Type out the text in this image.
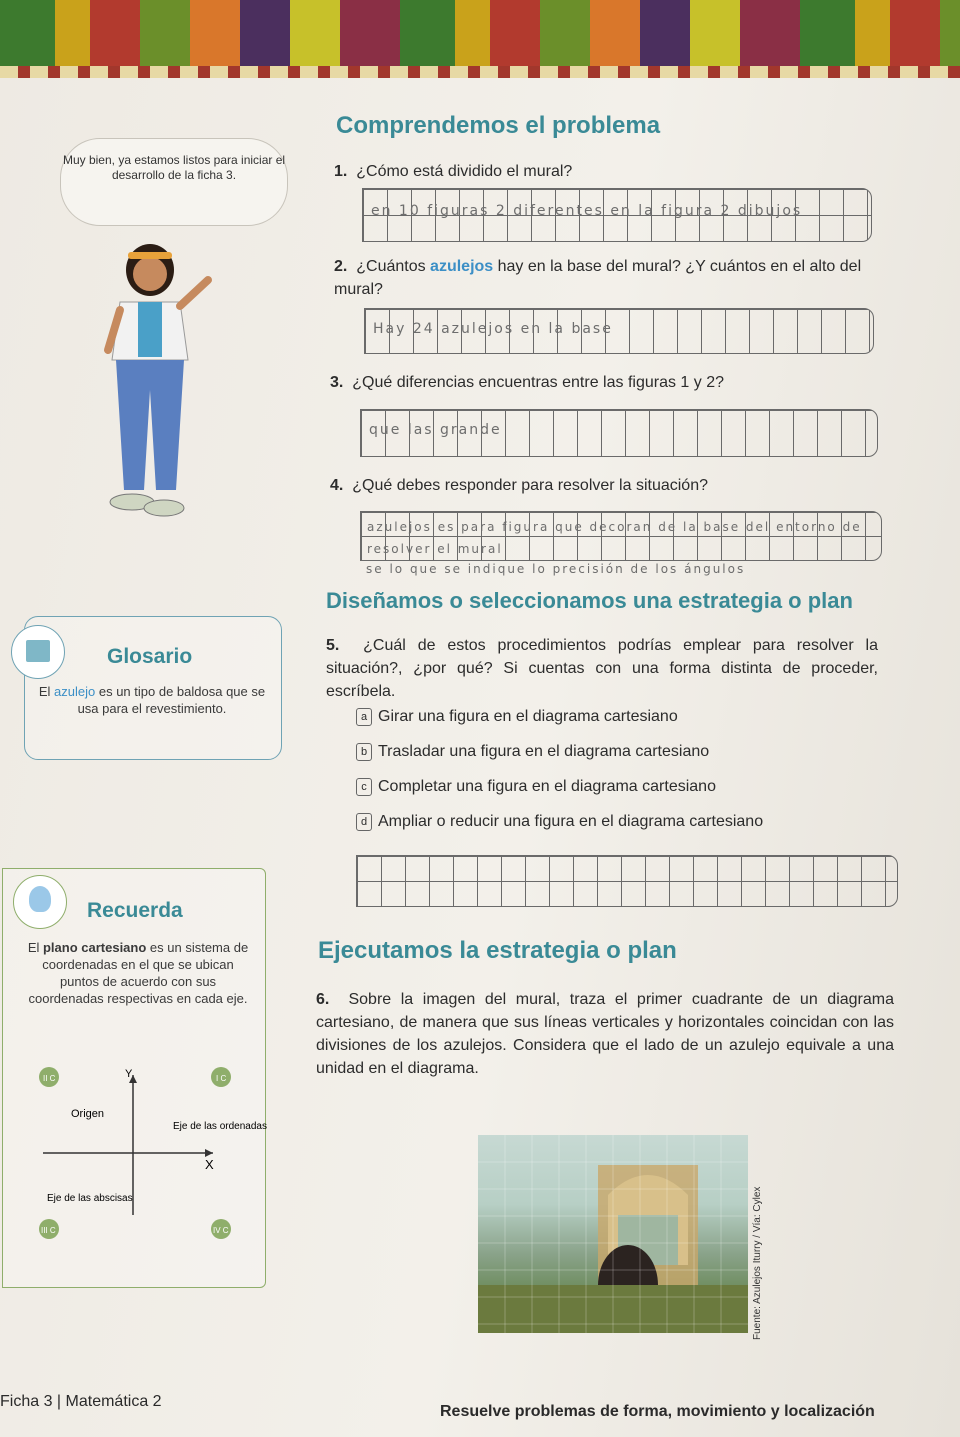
Muy bien, ya estamos listos para iniciar el desarrollo de la ficha 3.
Comprendemos el problema
1. ¿Cómo está dividido el mural?
en 10 figuras 2 diferentes en la figura 2 dibujos
2. ¿Cuántos azulejos hay en la base del mural? ¿Y cuántos en el alto del mural?
Hay 24 azulejos en la base
3. ¿Qué diferencias encuentras entre las figuras 1 y 2?
que las grande
4. ¿Qué debes responder para resolver la situación?
azulejos es para figura que decoran de la base del entorno de resolver el mural
se lo que se indique lo precisión de los ángulos
Diseñamos o seleccionamos una estrategia o plan
5. ¿Cuál de estos procedimientos podrías emplear para resolver la situación?, ¿por qué? Si cuentas con una forma distinta de proceder, escríbela.
a Girar una figura en el diagrama cartesiano
b Trasladar una figura en el diagrama cartesiano
c Completar una figura en el diagrama cartesiano
d Ampliar o reducir una figura en el diagrama cartesiano
Glosario
El azulejo es un tipo de baldosa que se usa para el revestimiento.
Recuerda
El plano cartesiano es un sistema de coordenadas en el que se ubican puntos de acuerdo con sus coordenadas respectivas en cada eje.
II C	I C
III C	IV C
Y
X
Origen
Eje de las ordenadas
Eje de las abscisas
Ejecutamos la estrategia o plan
6. Sobre la imagen del mural, traza el primer cuadrante de un diagrama cartesiano, de manera que sus líneas verticales y horizontales coincidan con las divisiones de los azulejos. Considera que el lado de un azulejo equivale a una unidad en el diagrama.
Fuente: Azulejos Iturry / Vía: Cylex
Ficha 3 | Matemática 2
Resuelve problemas de forma, movimiento y localización
